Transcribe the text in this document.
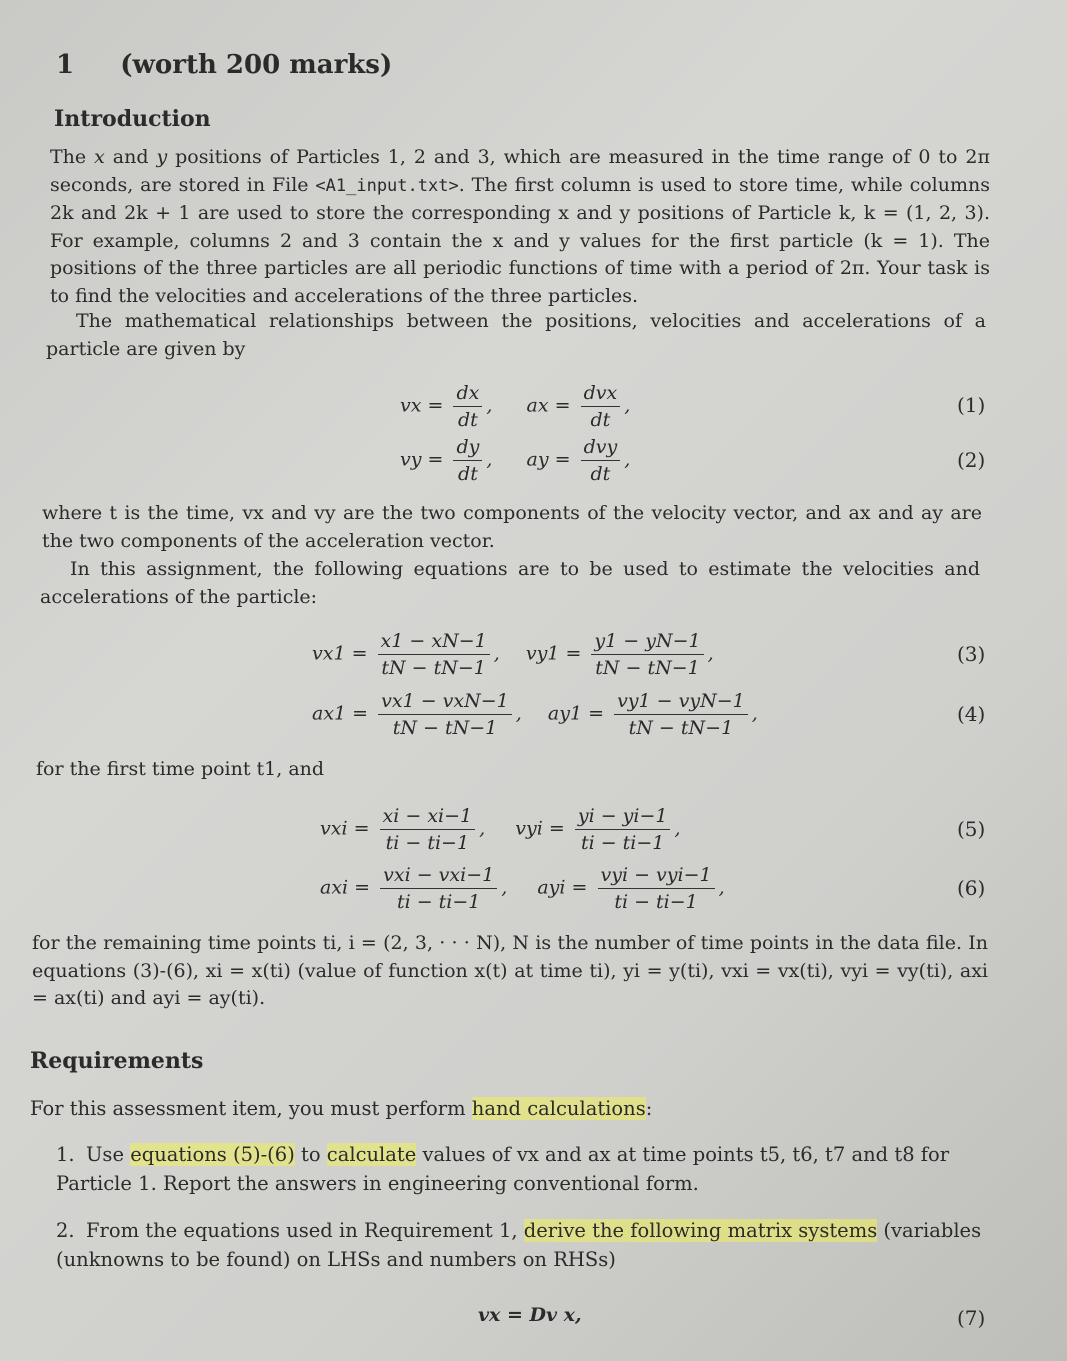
1 (worth 200 marks)
Introduction

The x and y positions of Particles 1, 2 and 3, which are measured in the time range of 0 to 2π seconds, are stored in File <A1_input.txt>. The first column is used to store time, while columns 2k and 2k + 1 are used to store the corresponding x and y positions of Particle k, k = (1, 2, 3). For example, columns 2 and 3 contain the x and y values for the first particle (k = 1). The positions of the three particles are all periodic functions of time with a period of 2π. Your task is to find the velocities and accelerations of the three particles.

The mathematical relationships between the positions, velocities and accelerations of a particle are given by
vx = $\frac{dx}{dt}$ ,  ax = $\frac{\text{dvx}}{dt}$ ,	(1)
vy = $\frac{dy}{dt}$ ,  ay = $\frac{\text{dvy}}{dt}$ ,	(2)
where t is the time, vx and vy are the two components of the velocity vector, and ax and ay are the two components of the acceleration vector.
In this assignment, the following equations are to be used to estimate the velocities and accelerations of the particle:
$vx1 = \frac{x1 - xN-1}{tN - tN-1}$ ,  $vy1 = \frac{y1 - yN-1}{tN - tN-1}$ ,	(3)
$ax1 = \frac{\text{vx1 − vxN−1}}{tN - tN-1}$ ,  $ay1 = \frac{\text{vy1 − vyN−1}}{tN - tN-1}$ ,	(4)
for the first time point t1, and
vxi = $\frac{xi - xi-1}{ti - ti-1}$ ,  vyi = $\frac{yi - yi-1}{ti - ti-1}$ ,	(5)
axi = $\frac{\text{vxi − vxi−1}}{ti - ti-1}$ ,  ayi = $\frac{\text{vyi − vyi−1}}{ti - ti-1}$ ,	(6)
for the remaining time points ti, i = (2, 3, · · · N), N is the number of time points in the data file. In equations (3)-(6), xi = x(ti) (value of function x(t) at time ti), yi = y(ti), vxi = vx(ti), vyi = vy(ti), axi = ax(ti) and ayi = ay(ti).
Requirements
For this assessment item, you must perform hand calculations:
1. Use equations (5)-(6) to calculate values of vx and ax at time points t5, t6, t7 and t8 for Particle 1. Report the answers in engineering conventional form.
2. From the equations used in Requirement 1, derive the following matrix systems (variables (unknowns to be found) on LHSs and numbers on RHSs)
vx = Dv x,	(7)
